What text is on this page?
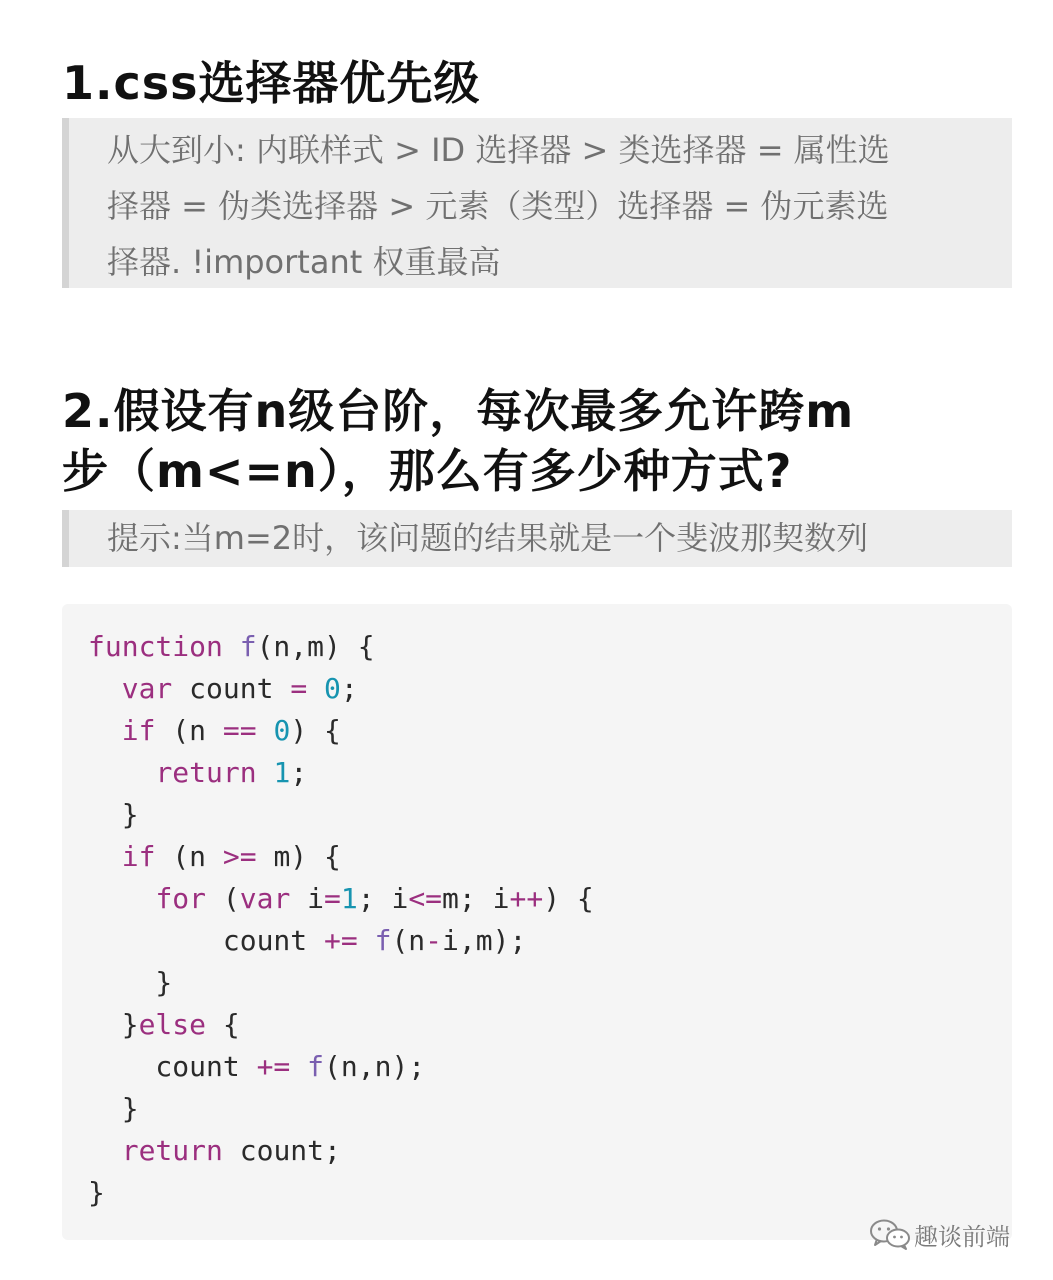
1.css选择器优先级
从大到小: 内联样式 > ID 选择器 > 类选择器 = 属性选
择器 = 伪类选择器 > 元素（类型）选择器 = 伪元素选
择器. !important 权重最高
2.假设有n级台阶，每次最多允许跨m
步（m<=n），那么有多少种方式?
提示:当m=2时，该问题的结果就是一个斐波那契数列
function f(n,m) {
var count = 0;
if (n == 0) {
return 1;
}
if (n >= m) {
for (var i=1; i<=m; i++) {
count += f(n-i,m);
}
}else {
count += f(n,n);
}
return count;
}
趣谈前端
